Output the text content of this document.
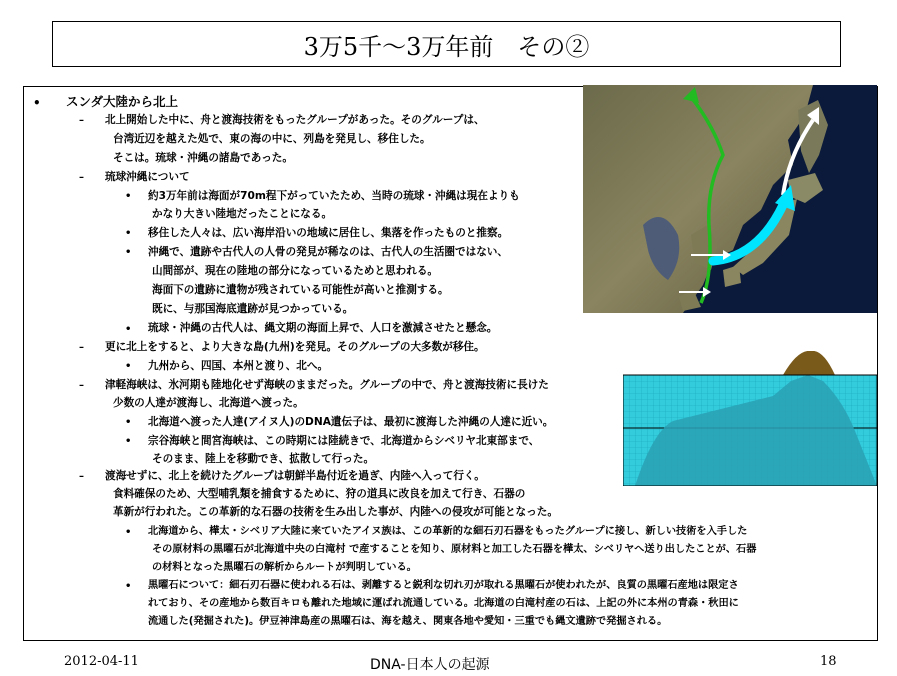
3万5千〜3万年前　その②
•
–
–
•
•
•
•
–
•
–
•
•
–
•
•
スンダ大陸から北上
北上開始した中に、舟と渡海技術をもったグループがあった。そのグループは、
台湾近辺を越えた処で、東の海の中に、列島を発見し、移住した。
そこは。琉球・沖縄の諸島であった。
琉球沖縄について
約3万年前は海面が70m程下がっていたため、当時の琉球・沖縄は現在よりも
かなり大きい陸地だったことになる。
移住した人々は、広い海岸沿いの地域に居住し、集落を作ったものと推察。
沖縄で、遺跡や古代人の人骨の発見が稀なのは、古代人の生活圏ではない、
山間部が、現在の陸地の部分になっているためと思われる。
海面下の遺跡に遺物が残されている可能性が高いと推測する。
既に、与那国海底遺跡が見つかっている。
琉球・沖縄の古代人は、縄文期の海面上昇で、人口を激減させたと懸念。
更に北上をすると、より大きな島(九州)を発見。そのグループの大多数が移住。
九州から、四国、本州と渡り、北へ。
津軽海峡は、氷河期も陸地化せず海峡のままだった。グループの中で、舟と渡海技術に長けた
少数の人達が渡海し、北海道へ渡った。
北海道へ渡った人達(アイヌ人)のDNA遺伝子は、最初に渡海した沖縄の人達に近い。
宗谷海峡と間宮海峡は、この時期には陸続きで、北海道からシベリヤ北東部まで、
そのまま、陸上を移動でき、拡散して行った。
渡海せずに、北上を続けたグループは朝鮮半島付近を過ぎ、内陸へ入って行く。
食料確保のため、大型哺乳類を捕食するために、狩の道具に改良を加えて行き、石器の
革新が行われた。この革新的な石器の技術を生み出した事が、内陸への侵攻が可能となった。
北海道から、樺太・シベリア大陸に来ていたアイヌ族は、この革新的な細石刃石器をもったグループに接し、新しい技術を入手した
その原材料の黒曜石が北海道中央の白滝村 で産することを知り、原材料と加工した石器を樺太、シベリヤへ送り出したことが、石器
の材料となった黒曜石の解析からルートが判明している。
黒曜石について：細石刃石器に使われる石は、剥離すると鋭利な切れ刃が取れる黒曜石が使われたが、良質の黒曜石産地は限定さ
れており、その産地から数百キロも離れた地域に運ばれ流通している。北海道の白滝村産の石は、上記の外に本州の青森・秋田に
流通した(発掘された)。伊豆神津島産の黒曜石は、海を越え、関東各地や愛知・三重でも縄文遺跡で発掘される。
2012-04-11	DNA-日本人の起源	18
